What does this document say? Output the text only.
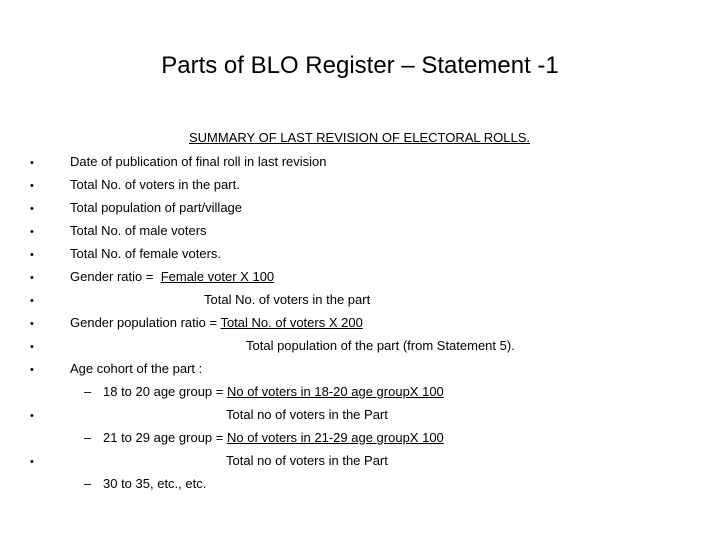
Parts of BLO Register – Statement -1
SUMMARY OF LAST REVISION OF ELECTORAL ROLLS.
•
•
•
•
•
•
•
•
•
•
•
•
Date of publication of final roll in last revision
Total No. of voters in the part.
Total population of part/village
Total No. of male voters
Total No. of female voters.
Gender ratio =  Female voter X 100
Total No. of voters in the part
Gender population ratio = Total No. of voters X 200
Total population of the part (from Statement 5).
Age cohort of the part :
– 18 to 20 age group = No of voters in 18-20 age groupX 100
Total no of voters in the Part
– 21 to 29 age group = No of voters in 21-29 age groupX 100
Total no of voters in the Part
– 30 to 35, etc., etc.
